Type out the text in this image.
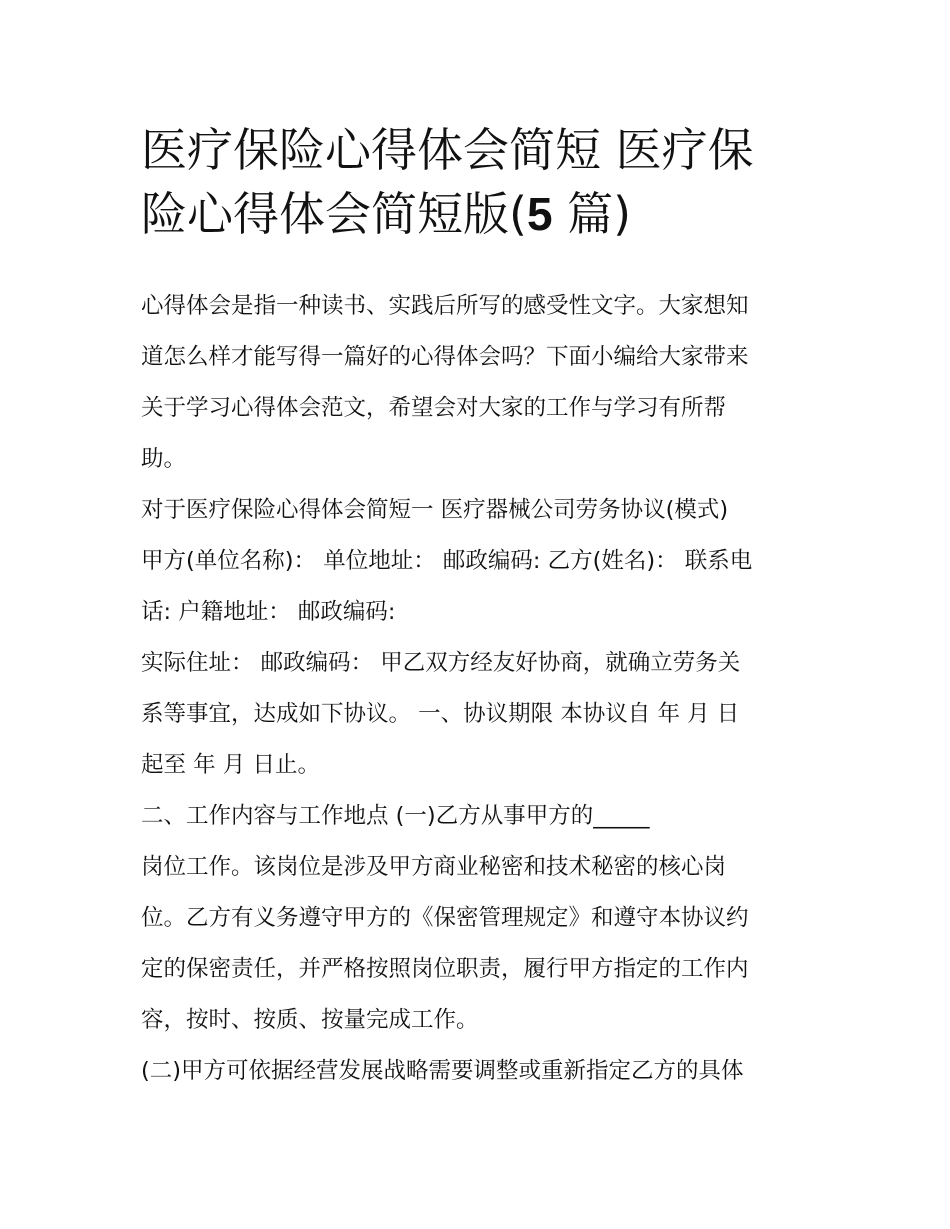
医疗保险心得体会简短 医疗保
险心得体会简短版(5 篇)

心得体会是指一种读书、实践后所写的感受性文字。大家想知

道怎么样才能写得一篇好的心得体会吗？下面小编给大家带来

关于学习心得体会范文，希望会对大家的工作与学习有所帮

助。

对于医疗保险心得体会简短一 医疗器械公司劳务协议(模式)

甲方(单位名称)： 单位地址： 邮政编码: 乙方(姓名)： 联系电

话: 户籍地址： 邮政编码:

实际住址： 邮政编码： 甲乙双方经友好协商，就确立劳务关

系等事宜，达成如下协议。 一、协议期限 本协议自 年 月 日

起至 年 月 日止。

二、工作内容与工作地点 (一)乙方从事甲方的_____

岗位工作。该岗位是涉及甲方商业秘密和技术秘密的核心岗

位。乙方有义务遵守甲方的《保密管理规定》和遵守本协议约

定的保密责任，并严格按照岗位职责，履行甲方指定的工作内

容，按时、按质、按量完成工作。

(二)甲方可依据经营发展战略需要调整或重新指定乙方的具体
